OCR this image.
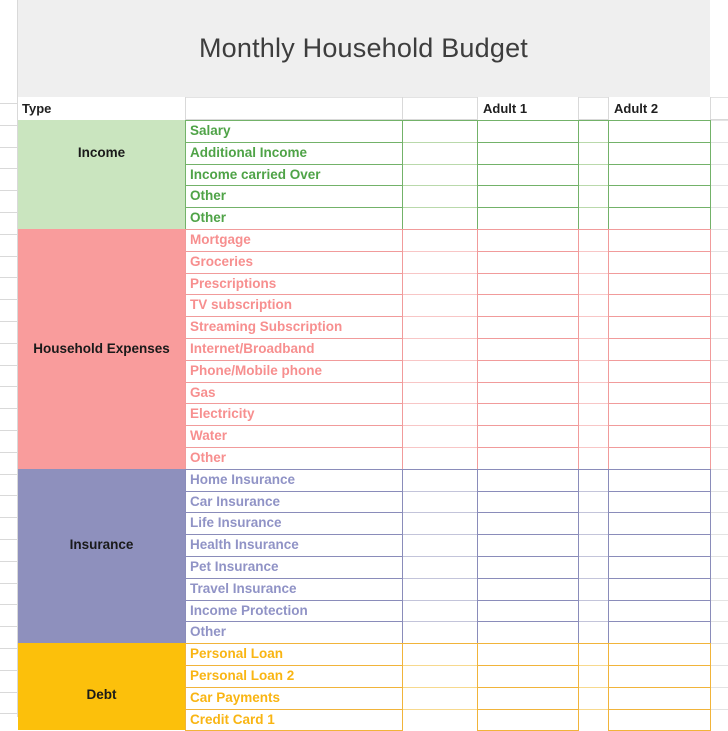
Monthly Household Budget
Type	Adult 1	Adult 2
Income
Salary
Additional Income
Income carried Over
Other
Other
Household Expenses
Mortgage
Groceries
Prescriptions
TV subscription
Streaming Subscription
Internet/Broadband
Phone/Mobile phone
Gas
Electricity
Water
Other
Insurance
Home Insurance
Car Insurance
Life Insurance
Health Insurance
Pet Insurance
Travel Insurance
Income Protection
Other
Debt
Personal Loan
Personal Loan 2
Car Payments
Credit Card 1
